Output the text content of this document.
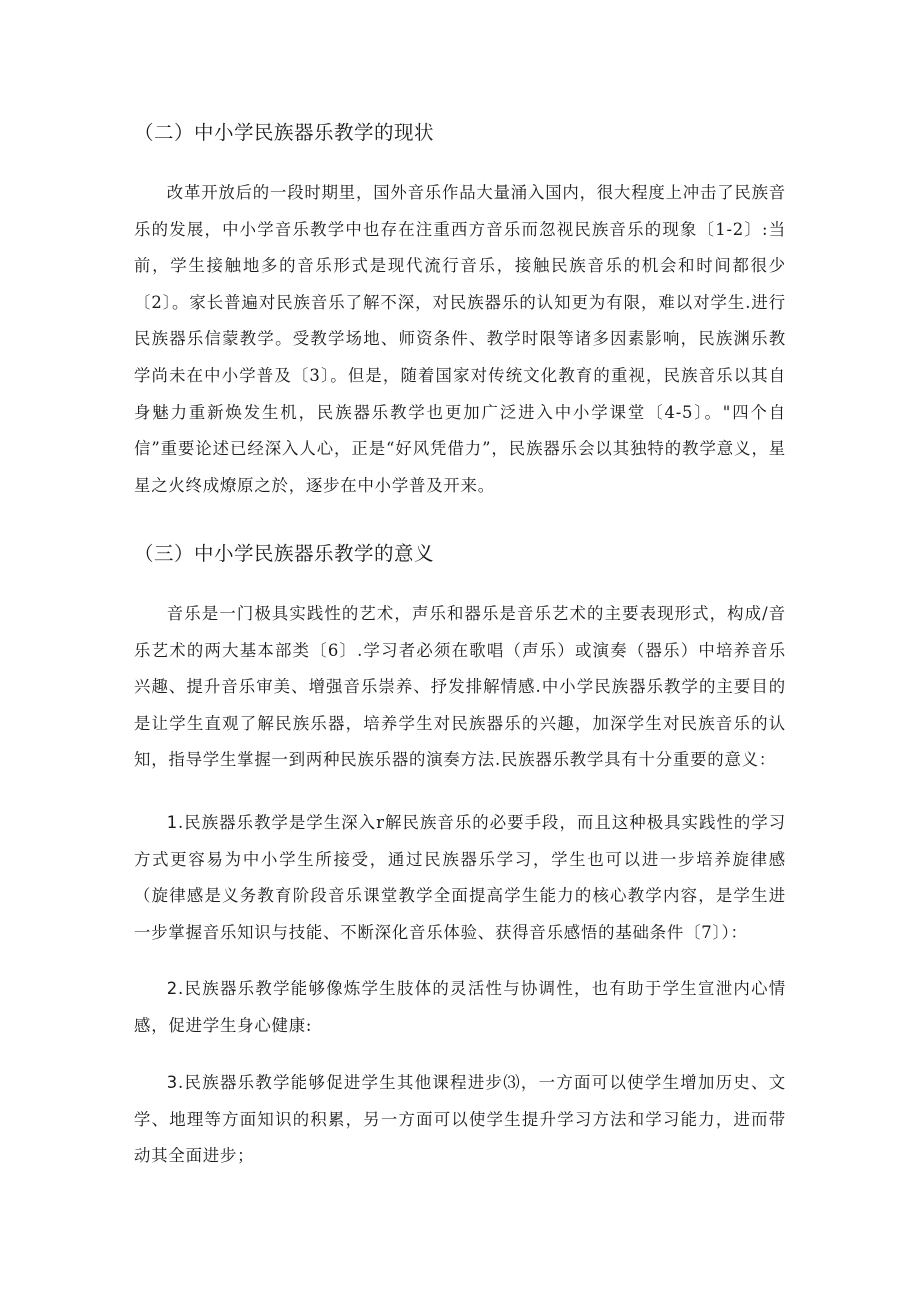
（二）中小学民族器乐教学的现状

改革开放后的一段时期里，国外音乐作品大量涌入国内，很大程度上冲击了民族音乐的发展，中小学音乐教学中也存在注重西方音乐而忽视民族音乐的现象〔1-2〕:当前，学生接触地多的音乐形式是现代流行音乐，接触民族音乐的机会和时间都很少〔2〕。家长普遍对民族音乐了解不深，对民族器乐的认知更为有限，难以对学生.进行民族器乐信蒙教学。受教学场地、师资条件、教学时限等诸多因素影响，民族渊乐教学尚未在中小学普及〔3〕。但是，随着国家对传统文化教育的重视，民族音乐以其自身魅力重新焕发生机，民族器乐教学也更加广泛进入中小学课堂〔4-5〕。"四个自信”重要论述已经深入人心，正是“好风凭借力”，民族器乐会以其独特的教学意义，星星之火终成燎原之於，逐步在中小学普及开来。

（三）中小学民族器乐教学的意义

音乐是一门极具实践性的艺术，声乐和器乐是音乐艺术的主要表现形式，构成/音乐艺术的两大基本部类〔6〕.学习者必须在歌唱（声乐）或演奏（器乐）中培养音乐兴趣、提升音乐审美、增强音乐崇养、抒发排解情感.中小学民族器乐教学的主要目的是让学生直观了解民族乐器，培养学生对民族器乐的兴趣，加深学生对民族音乐的认知，指导学生掌握一到两种民族乐器的演奏方法.民族器乐教学具有十分重要的意义：

1.民族器乐教学是学生深入r解民族音乐的必要手段，而且这种极具实践性的学习方式更容易为中小学生所接受，通过民族器乐学习，学生也可以进一步培养旋律感（旋律感是义务教育阶段音乐课堂教学全面提高学生能力的核心教学内容，是学生进一步掌握音乐知识与技能、不断深化音乐体验、获得音乐感悟的基础条件〔7〕）：

2.民族器乐教学能够像炼学生肢体的灵活性与协调性，也有助于学生宣泄内心情感，促进学生身心健康:

3.民族器乐教学能够促进学生其他课程进步⑶，一方面可以使学生增加历史、文学、地理等方面知识的积累，另一方面可以使学生提升学习方法和学习能力，进而带动其全面进步；
